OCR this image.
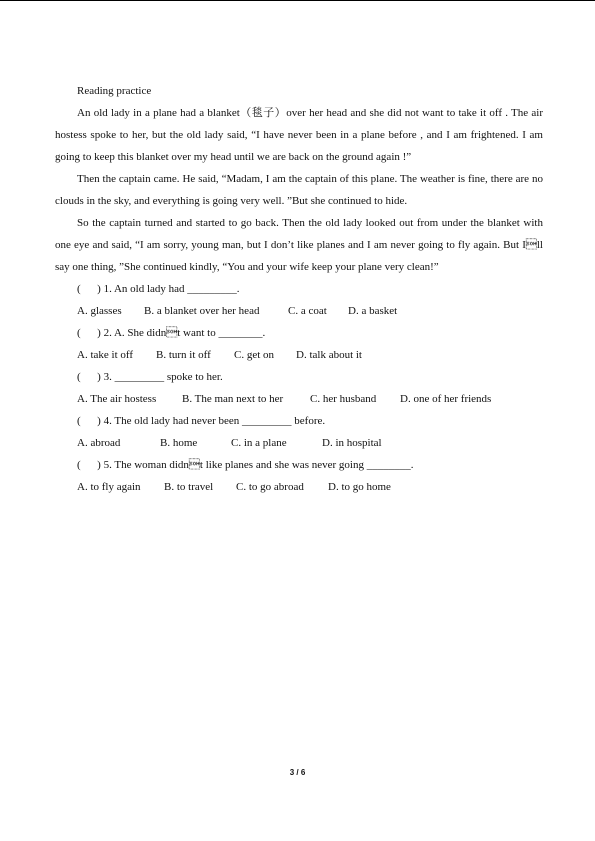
Reading practice
An old lady in a plane had a blanket（毯子）over her head and she did not want to take it off . The air hostess spoke to her, but the old lady said, “I have never been in a plane before , and I am frightened. I am going to keep this blanket over my head until we are back on the ground again !”
Then the captain came. He said, “Madam, I am the captain of this plane. The weather is fine, there are no clouds in the sky, and everything is going very well. ”But she continued to hide.
So the captain turned and started to go back. Then the old lady looked out from under the blanket with one eye and said, “I am sorry, young man, but I don’t like planes and I am never going to fly again. But Ill say one thing, ”She continued kindly, “You and your wife keep your plane very clean!”
(      ) 1. An old lady had _________.
A. glasses	B. a blanket over her head	C. a coat	D. a basket
(      ) 2. A. She didnt want to ________.
A. take it off	B. turn it off	C. get on	D. talk about it
(      ) 3. _________ spoke to her.
A. The air hostess	B. The man next to her	C. her husband	D. one of her friends
(      ) 4. The old lady had never been _________ before.
A. abroad	B. home	C. in a plane	D. in hospital
(      ) 5. The woman didnt like planes and she was never going ________.
A. to fly again	B. to travel	C. to go abroad	D. to go home
3 / 6
